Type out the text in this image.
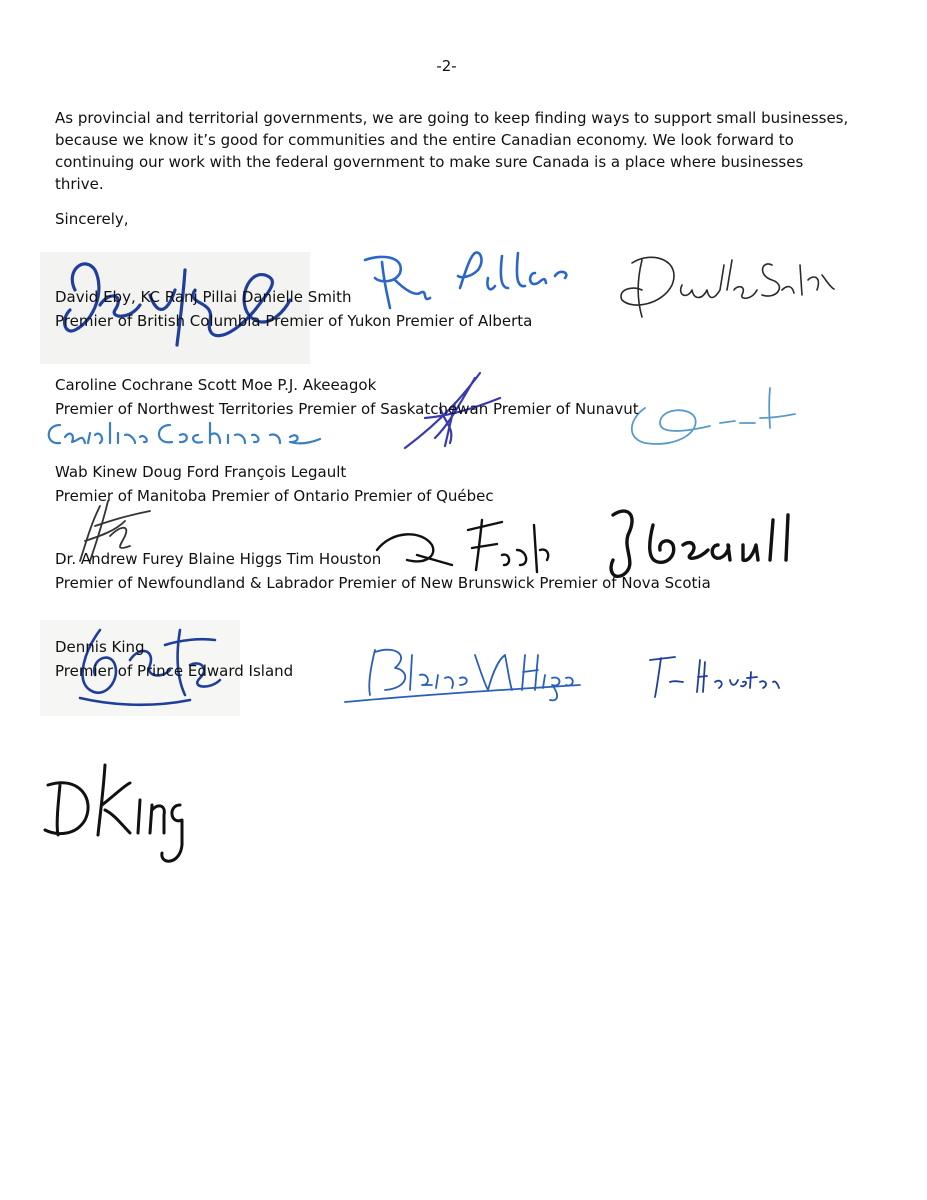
-2-

As provincial and territorial governments, we are going to keep finding ways to support small businesses, because we know it’s good for communities and the entire Canadian economy. We look forward to continuing our work with the federal government to make sure Canada is a place where businesses thrive.

Sincerely,
David Eby, KC Ranj Pillai Danielle Smith
Premier of British Columbia Premier of Yukon Premier of Alberta
Caroline Cochrane Scott Moe P.J. Akeeagok
Premier of Northwest Territories Premier of Saskatchewan Premier of Nunavut
Wab Kinew Doug Ford François Legault
Premier of Manitoba Premier of Ontario Premier of Québec
Dr. Andrew Furey Blaine Higgs Tim Houston
Premier of Newfoundland & Labrador Premier of New Brunswick Premier of Nova Scotia
Dennis King
Premier of Prince Edward Island
